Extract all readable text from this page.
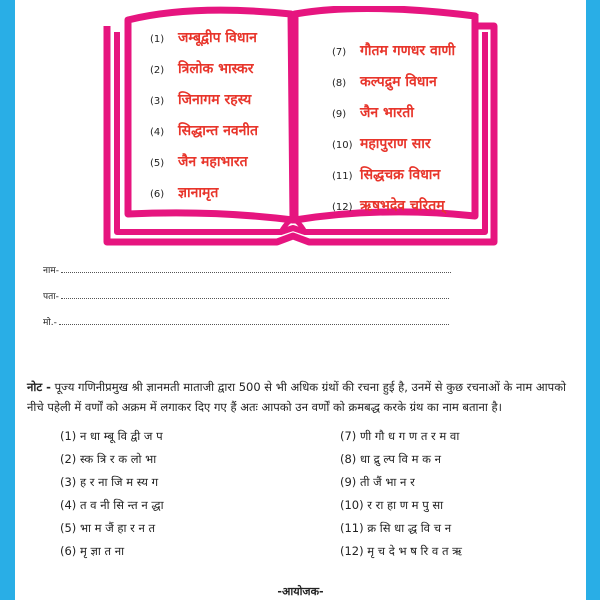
(1) जम्बूद्वीप विधान
(2) त्रिलोक भास्कर
(3) जिनागम रहस्य
(4) सिद्धान्त नवनीत
(5) जैन महाभारत
(6) ज्ञानामृत
(7) गौतम गणधर वाणी
(8) कल्पद्रुम विधान
(9) जैन भारती
(10) महापुराण सार
(11) सिद्धचक्र विधान
(12) ऋषभदेव चरितम्
नाम-
पता-
मो.-
नोट - पूज्य गणिनीप्रमुख श्री ज्ञानमती माताजी द्वारा 500 से भी अधिक ग्रंथों की रचना हुई है, उनमें से कुछ रचनाओं के नाम आपको नीचे पहेली में वर्णों को अक्रम में लगाकर दिए गए हैं अतः आपको उन वर्णों को क्रमबद्ध करके ग्रंथ का नाम बताना है।
(1) न धा म्बू वि द्वी ज प
(2) स्क त्रि र क लो भा
(3) ह र ना जि म स्य ग
(4) त व नी सि न्त न द्धा
(5) भा म जैं हा र न त
(6) मृ ज्ञा त ना
(7) णी गौ ध ग ण त र म वा
(8) धा द्रु ल्प वि म क न
(9) ती जैं भा न र
(10) र रा हा ण म पु सा
(11) क्र सि धा द्ध वि च न
(12) मृ च दे भ ष रि व त ऋ
-आयोजक-
